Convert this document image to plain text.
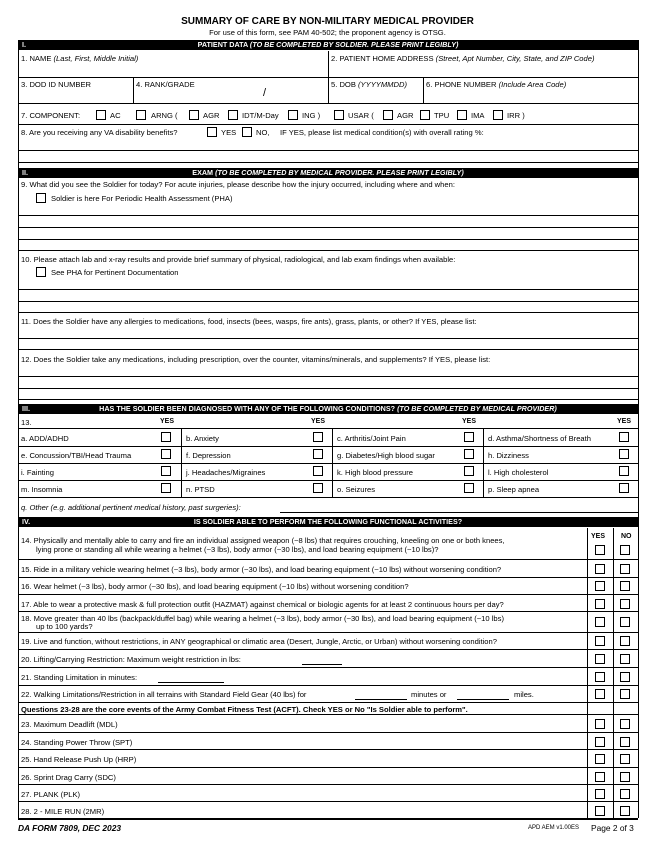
SUMMARY OF CARE BY NON-MILITARY MEDICAL PROVIDER
For use of this form, see PAM 40-502; the proponent agency is OTSG.
I.	PATIENT DATA (TO BE COMPLETED BY SOLDIER. PLEASE PRINT LEGIBLY)
1. NAME (Last, First, Middle Initial)	2. PATIENT HOME ADDRESS (Street, Apt Number, City, State, and ZIP Code)
3. DOD ID NUMBER	4. RANK/GRADE
/
5. DOB (YYYYMMDD)	6. PHONE NUMBER (Include Area Code)
7. COMPONENT:	AC	ARNG (	AGR	IDT/M-Day	ING )	USAR (	AGR	TPU	IMA	IRR )
8. Are you receiving any VA disability benefits?	YES	NO, IF YES, please list medical condition(s) with overall rating %:
II.	EXAM (TO BE COMPLETED BY MEDICAL PROVIDER. PLEASE PRINT LEGIBLY)
9. What did you see the Soldier for today? For acute injuries, please describe how the injury occurred, including where and when:
Soldier is here For Periodic Health Assessment (PHA)
10. Please attach lab and x-ray results and provide brief summary of physical, radiological, and lab exam findings when available:
See PHA for Pertinent Documentation
11. Does the Soldier have any allergies to medications, food, insects (bees, wasps, fire ants), grass, plants, or other? If YES, please list:
12. Does the Soldier take any medications, including prescription, over the counter, vitamins/minerals, and supplements? If YES, please list:
III.	HAS THE SOLDIER BEEN DIAGNOSED WITH ANY OF THE FOLLOWING CONDITIONS? (TO BE COMPLETED BY MEDICAL PROVIDER)
13.	YES	YES	YES	YES
a. ADD/ADHD	b. Anxiety	c. Arthritis/Joint Pain	d. Asthma/Shortness of Breath
e. Concussion/TBI/Head Trauma	f. Depression	g. Diabetes/High blood sugar	h. Dizziness
i. Fainting	j. Headaches/Migraines	k. High blood pressure	l. High cholesterol
m. Insomnia	n. PTSD	o. Seizures	p. Sleep apnea
q. Other (e.g. additional pertinent medical history, past surgeries):
IV.	IS SOLDIER ABLE TO PERFORM THE FOLLOWING FUNCTIONAL ACTIVITIES?
YES NO
14. Physically and mentally able to carry and fire an individual assigned weapon (~8 lbs) that requires crouching, kneeling on one or both knees,
lying prone or standing all while wearing a helmet (~3 lbs), body armor (~30 lbs), and load bearing equipment (~10 lbs)?
15. Ride in a military vehicle wearing helmet (~3 lbs), body armor (~30 lbs), and load bearing equipment (~10 lbs) without worsening condition?
16. Wear helmet (~3 lbs), body armor (~30 lbs), and load bearing equipment (~10 lbs) without worsening condition?
17. Able to wear a protective mask & full protection outfit (HAZMAT) against chemical or biologic agents for at least 2 continuous hours per day?
18. Move greater than 40 lbs (backpack/duffel bag) while wearing a helmet (~3 lbs), body armor (~30 lbs), and load bearing equipment (~10 lbs)
up to 100 yards?
19. Live and function, without restrictions, in ANY geographical or climatic area (Desert, Jungle, Arctic, or Urban) without worsening condition?
20. Lifting/Carrying Restriction: Maximum weight restriction in lbs:
21. Standing Limitation in minutes:
22. Walking Limitations/Restriction in all terrains with Standard Field Gear (40 lbs) for	minutes or	miles.
Questions 23-28 are the core events of the Army Combat Fitness Test (ACFT). Check YES or No "Is Soldier able to perform".
23. Maximum Deadlift (MDL)
24. Standing Power Throw (SPT)
25. Hand Release Push Up (HRP)
26. Sprint Drag Carry (SDC)
27. PLANK (PLK)
28. 2 - MILE RUN (2MR)
DA FORM 7809, DEC 2023	APD AEM v1.00ES Page 2 of 3
